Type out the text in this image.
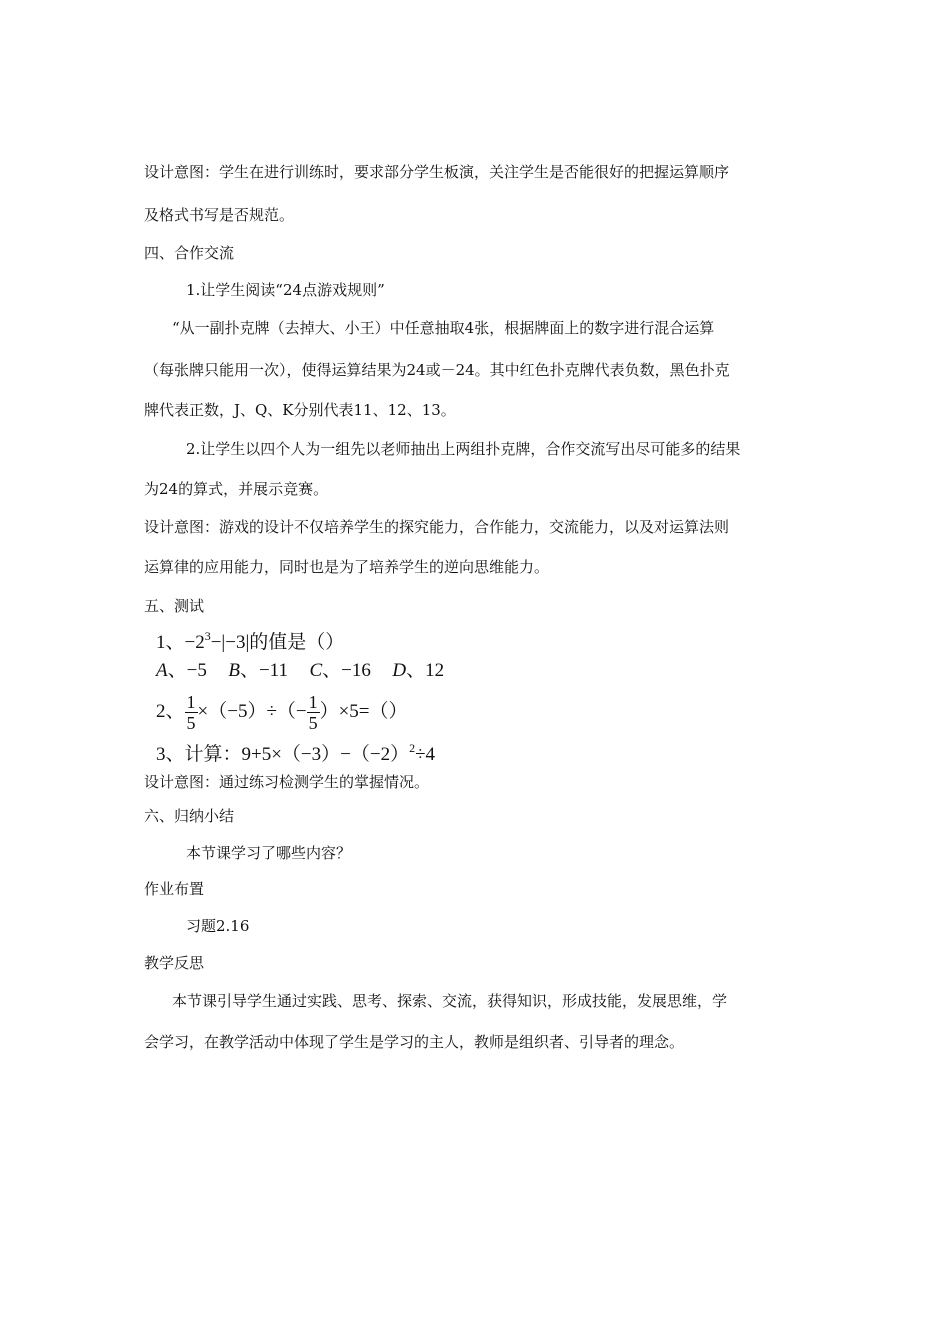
设计意图：学生在进行训练时，要求部分学生板演，关注学生是否能很好的把握运算顺序
及格式书写是否规范。
四、合作交流
1.让学生阅读“24点游戏规则”
“从一副扑克牌（去掉大、小王）中任意抽取4张，根据牌面上的数字进行混合运算
（每张牌只能用一次），使得运算结果为24或－24。其中红色扑克牌代表负数，黑色扑克
牌代表正数，J、Q、K分别代表11、12、13。
2.让学生以四个人为一组先以老师抽出上两组扑克牌，合作交流写出尽可能多的结果
为24的算式，并展示竞赛。
设计意图：游戏的设计不仅培养学生的探究能力，合作能力，交流能力，以及对运算法则
运算律的应用能力，同时也是为了培养学生的逆向思维能力。
五、测试
1、$-2^3-|-3|$的值是（）
A、−5 B、−11 C、−16 D、12
2、 $\frac{1}{5} \times(-5)\div(- \frac{1}{5} )\times 5=()$
3、计算：$9+5\times(-3)-(-2)^2\div 4$
设计意图：通过练习检测学生的掌握情况。
六、归纳小结
本节课学习了哪些内容？
作业布置
习题2.16
教学反思
本节课引导学生通过实践、思考、探索、交流，获得知识，形成技能，发展思维，学
会学习，在教学活动中体现了学生是学习的主人，教师是组织者、引导者的理念。
